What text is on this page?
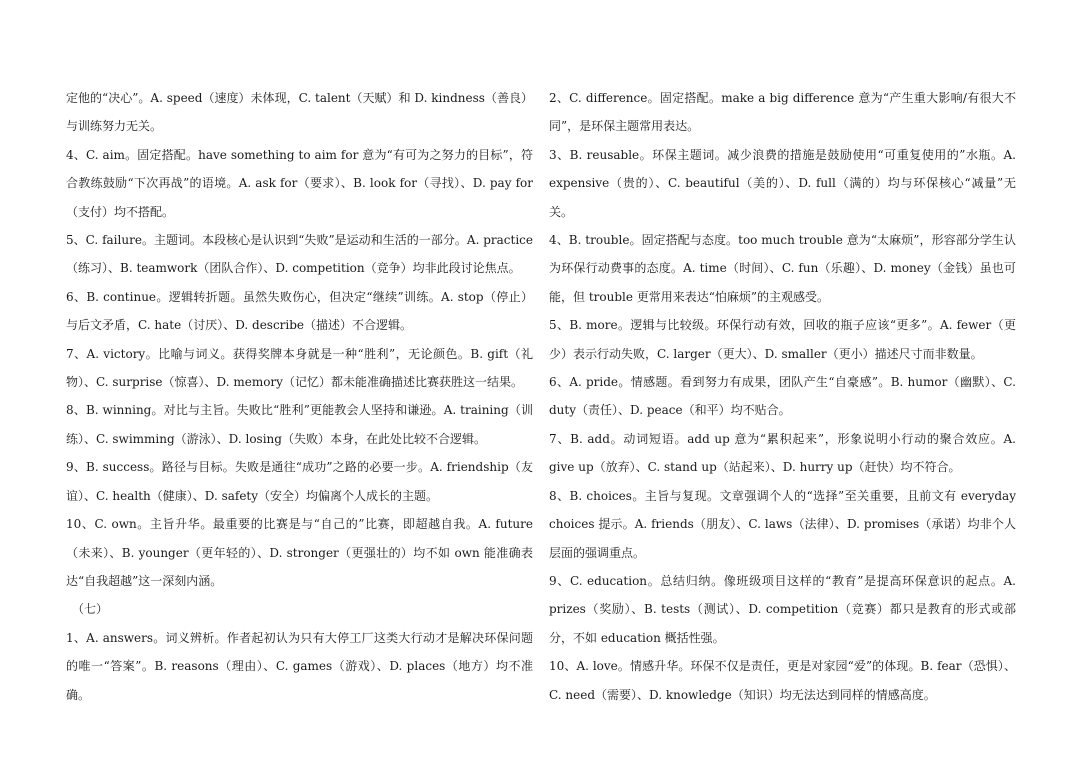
定他的“决心”。A. speed（速度）未体现，C. talent（天赋）和 D. kindness（善良）与训练努力无关。

4、C. aim。固定搭配。have something to aim for 意为“有可为之努力的目标”，符合教练鼓励“下次再战”的语境。A. ask for（要求）、B. look for（寻找）、D. pay for（支付）均不搭配。

5、C. failure。主题词。本段核心是认识到“失败”是运动和生活的一部分。A. practice（练习）、B. teamwork（团队合作）、D. competition（竞争）均非此段讨论焦点。

6、B. continue。逻辑转折题。虽然失败伤心，但决定“继续”训练。A. stop（停止）与后文矛盾，C. hate（讨厌）、D. describe（描述）不合逻辑。

7、A. victory。比喻与词义。获得奖牌本身就是一种“胜利”，无论颜色。B. gift（礼物）、C. surprise（惊喜）、D. memory（记忆）都未能准确描述比赛获胜这一结果。

8、B. winning。对比与主旨。失败比“胜利”更能教会人坚持和谦逊。A. training（训练）、C. swimming（游泳）、D. losing（失败）本身，在此处比较不合逻辑。

9、B. success。路径与目标。失败是通往“成功”之路的必要一步。A. friendship（友谊）、C. health（健康）、D. safety（安全）均偏离个人成长的主题。

10、C. own。主旨升华。最重要的比赛是与“自己的”比赛，即超越自我。A. future（未来）、B. younger（更年轻的）、D. stronger（更强壮的）均不如 own 能准确表达“自我超越”这一深刻内涵。

（七）

1、A. answers。词义辨析。作者起初认为只有大停工厂这类大行动才是解决环保问题的唯一“答案”。B. reasons（理由）、C. games（游戏）、D. places（地方）均不准确。

2、C. difference。固定搭配。make a big difference 意为“产生重大影响/有很大不同”，是环保主题常用表达。

3、B. reusable。环保主题词。减少浪费的措施是鼓励使用“可重复使用的”水瓶。A. expensive（贵的）、C. beautiful（美的）、D. full（满的）均与环保核心“减量”无关。

4、B. trouble。固定搭配与态度。too much trouble 意为“太麻烦”，形容部分学生认为环保行动费事的态度。A. time（时间）、C. fun（乐趣）、D. money（金钱）虽也可能，但 trouble 更常用来表达“怕麻烦”的主观感受。

5、B. more。逻辑与比较级。环保行动有效，回收的瓶子应该“更多”。A. fewer（更少）表示行动失败，C. larger（更大）、D. smaller（更小）描述尺寸而非数量。

6、A. pride。情感题。看到努力有成果，团队产生“自豪感”。B. humor（幽默）、C. duty（责任）、D. peace（和平）均不贴合。

7、B. add。动词短语。add up 意为“累积起来”，形象说明小行动的聚合效应。A. give up（放弃）、C. stand up（站起来）、D. hurry up（赶快）均不符合。

8、B. choices。主旨与复现。文章强调个人的“选择”至关重要，且前文有 everyday choices 提示。A. friends（朋友）、C. laws（法律）、D. promises（承诺）均非个人层面的强调重点。

9、C. education。总结归纳。像班级项目这样的“教育”是提高环保意识的起点。A. prizes（奖励）、B. tests（测试）、D. competition（竞赛）都只是教育的形式或部分，不如 education 概括性强。

10、A. love。情感升华。环保不仅是责任，更是对家园“爱”的体现。B. fear（恐惧）、C. need（需要）、D. knowledge（知识）均无法达到同样的情感高度。
